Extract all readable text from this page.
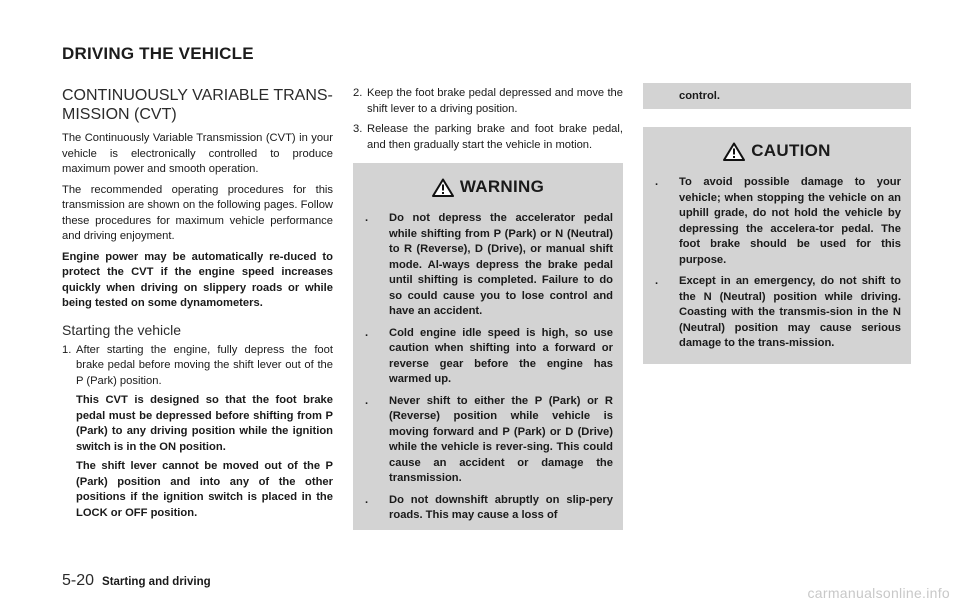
DRIVING THE VEHICLE
CONTINUOUSLY VARIABLE TRANS-
MISSION (CVT)

The Continuously Variable Transmission (CVT) in your vehicle is electronically controlled to produce maximum power and smooth operation.

The recommended operating procedures for this transmission are shown on the following pages. Follow these procedures for maximum vehicle performance and driving enjoyment.

Engine power may be automatically re-duced to protect the CVT if the engine speed increases quickly when driving on slippery roads or while being tested on some dynamometers.

Starting the vehicle
1. After starting the engine, fully depress the foot brake pedal before moving the shift lever out of the P (Park) position.

This CVT is designed so that the foot brake pedal must be depressed before shifting from P (Park) to any driving position while the ignition switch is in the ON position.

The shift lever cannot be moved out of the P (Park) position and into any of the other positions if the ignition switch is placed in the LOCK or OFF position.

2. Keep the foot brake pedal depressed and move the shift lever to a driving position.
3. Release the parking brake and foot brake pedal, and then gradually start the vehicle in motion.
WARNING
.	Do not depress the accelerator pedal while shifting from P (Park) or N (Neutral) to R (Reverse), D (Drive), or manual shift mode. Al-ways depress the brake pedal until shifting is completed. Failure to do so could cause you to lose control and have an accident.
.	Cold engine idle speed is high, so use caution when shifting into a forward or reverse gear before the engine has warmed up.
.	Never shift to either the P (Park) or R (Reverse) position while vehicle is moving forward and P (Park) or D (Drive) while the vehicle is rever-sing. This could cause an accident or damage the transmission.
.	Do not downshift abruptly on slip-pery roads. This may cause a loss of
control.
CAUTION
.	To avoid possible damage to your vehicle; when stopping the vehicle on an uphill grade, do not hold the vehicle by depressing the accelera-tor pedal. The foot brake should be used for this purpose.
.	Except in an emergency, do not shift to the N (Neutral) position while driving. Coasting with the transmis-sion in the N (Neutral) position may cause serious damage to the trans-mission.
5-20 Starting and driving
carmanualsonline.info
